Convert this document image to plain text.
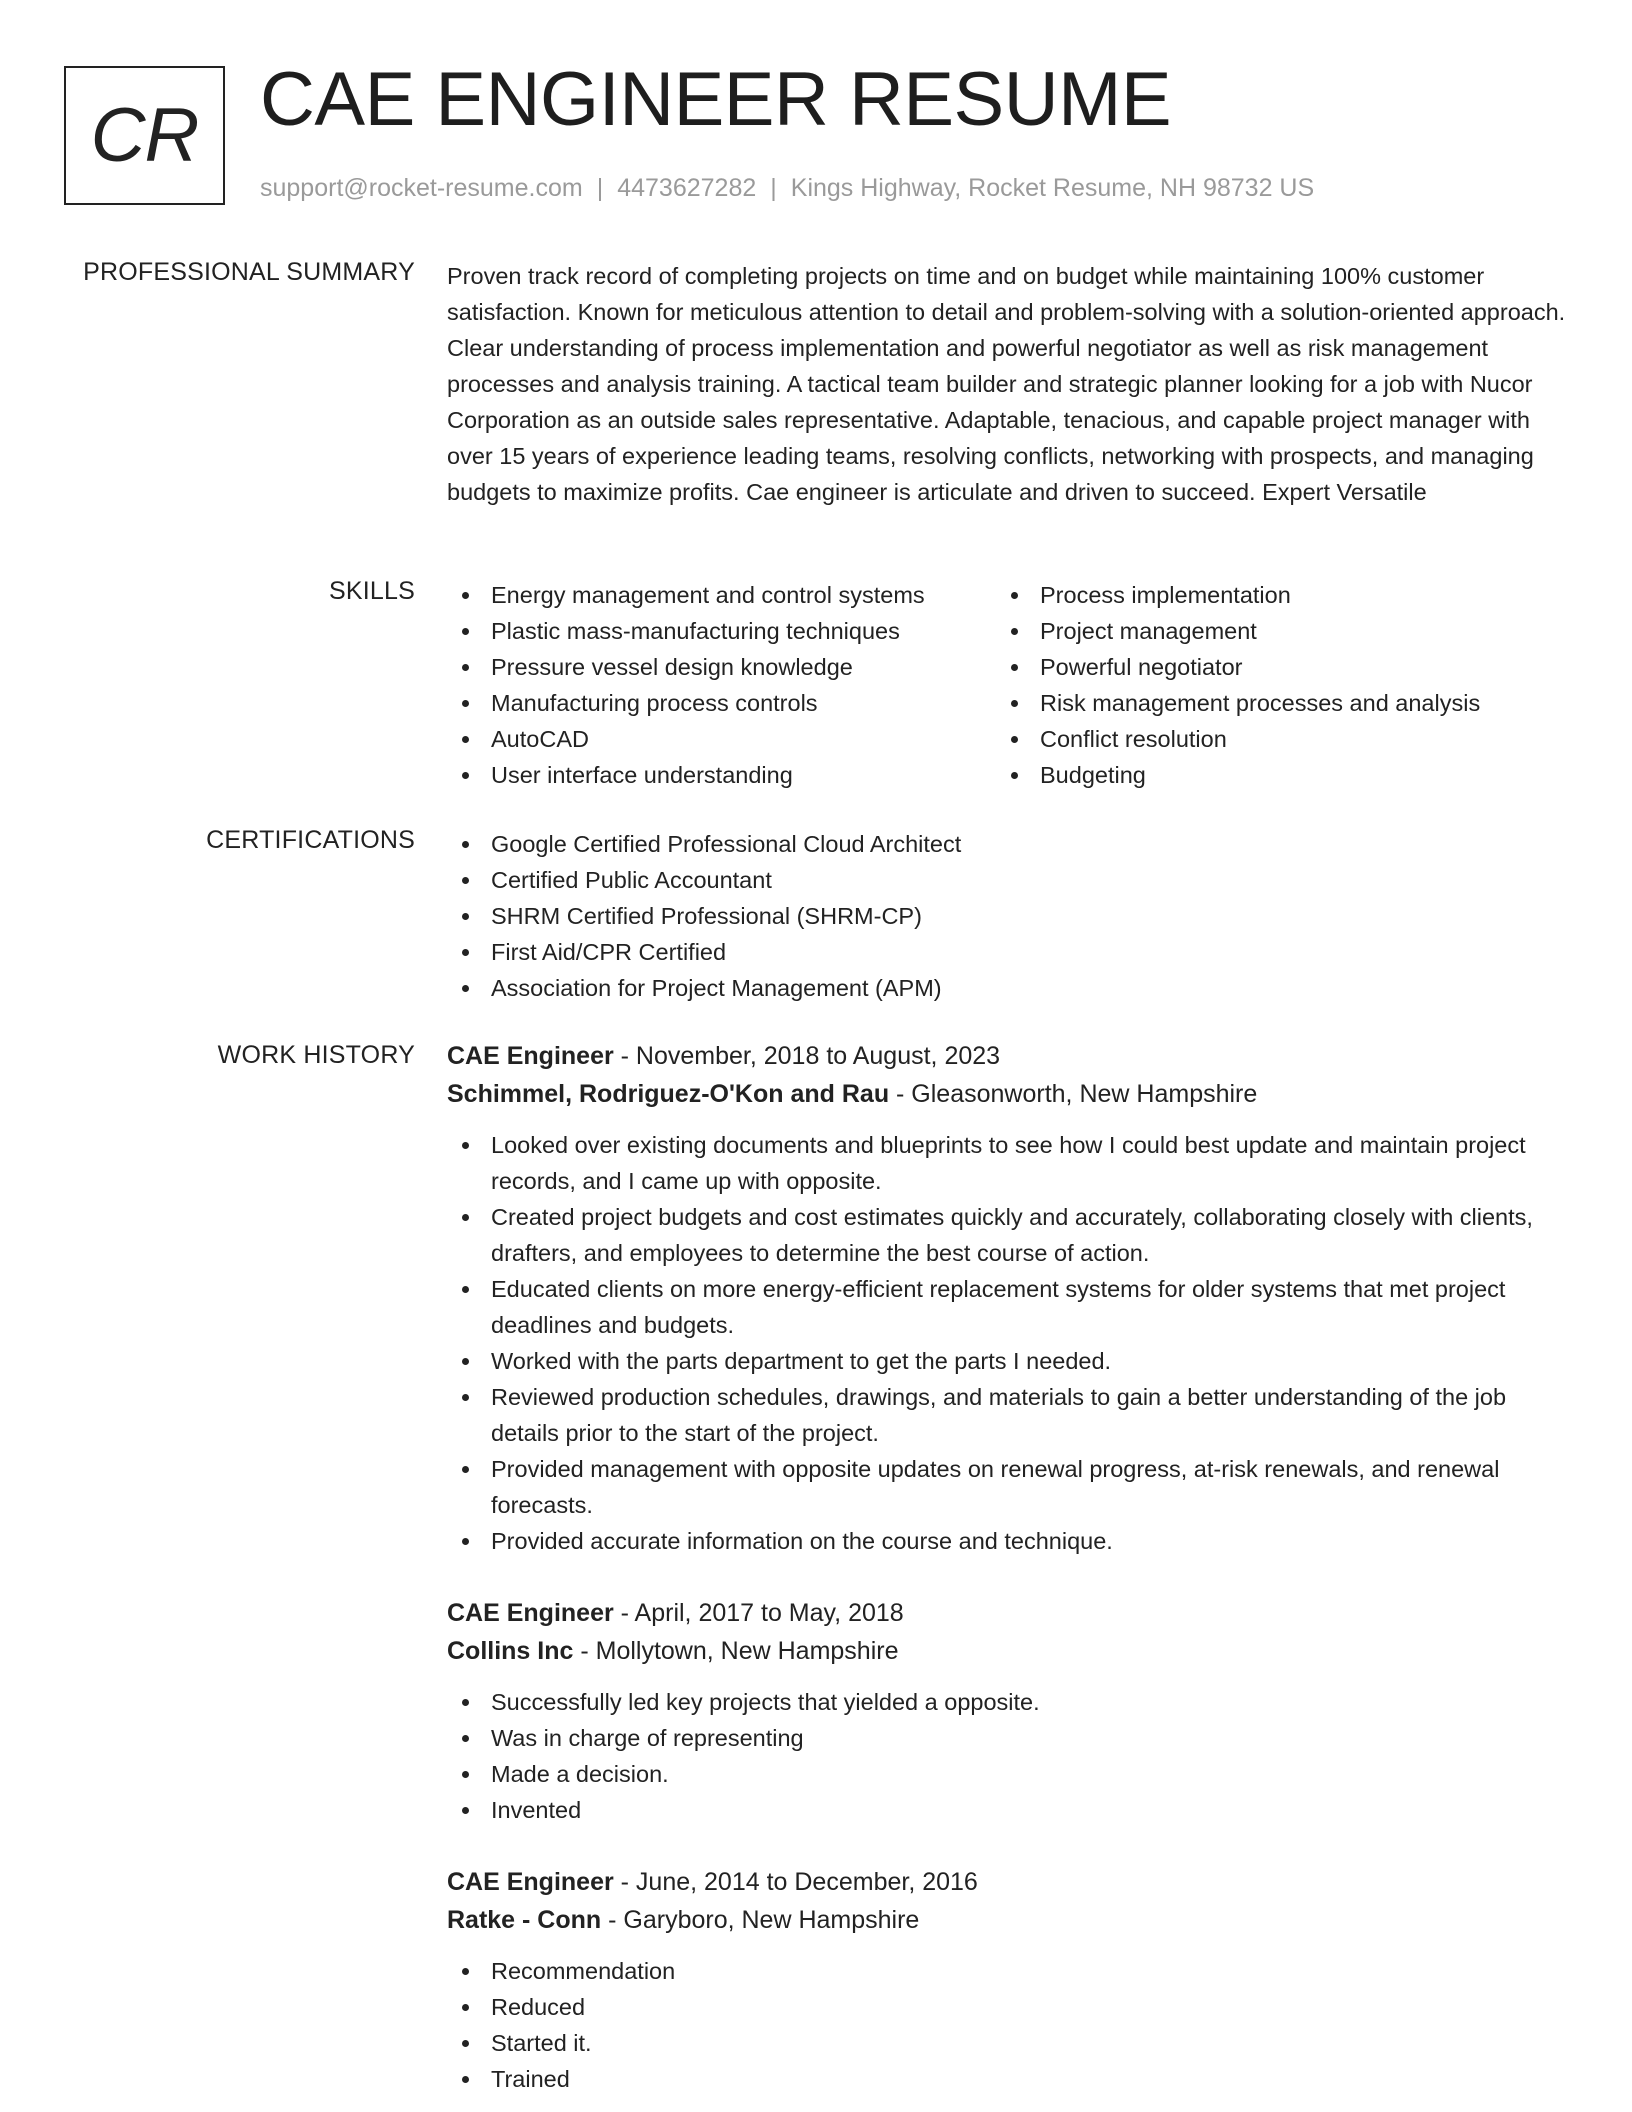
CR CAE ENGINEER RESUME
support@rocket-resume.com | 4473627282 | Kings Highway, Rocket Resume, NH 98732 US
PROFESSIONAL SUMMARY Proven track record of completing projects on time and on budget while maintaining 100% customer satisfaction. Known for meticulous attention to detail and problem-solving with a solution-oriented approach. Clear understanding of process implementation and powerful negotiator as well as risk management processes and analysis training. A tactical team builder and strategic planner looking for a job with Nucor Corporation as an outside sales representative. Adaptable, tenacious, and capable project manager with over 15 years of experience leading teams, resolving conflicts, networking with prospects, and managing budgets to maximize profits. Cae engineer is articulate and driven to succeed. Expert Versatile

SKILLS	Energy management and control systems
Plastic mass-manufacturing techniques
Pressure vessel design knowledge
Manufacturing process controls
AutoCAD
User interface understanding
Process implementation
Project management
Powerful negotiator
Risk management processes and analysis
Conflict resolution
Budgeting
CERTIFICATIONS	Google Certified Professional Cloud Architect
Certified Public Accountant
SHRM Certified Professional (SHRM-CP)
First Aid/CPR Certified
Association for Project Management (APM)
WORK HISTORY CAE Engineer - November, 2018 to August, 2023
Schimmel, Rodriguez-O'Kon and Rau - Gleasonworth, New Hampshire
Looked over existing documents and blueprints to see how I could best update and maintain project records, and I came up with opposite.
Created project budgets and cost estimates quickly and accurately, collaborating closely with clients, drafters, and employees to determine the best course of action.
Educated clients on more energy-efficient replacement systems for older systems that met project deadlines and budgets.
Worked with the parts department to get the parts I needed.
Reviewed production schedules, drawings, and materials to gain a better understanding of the job details prior to the start of the project.
Provided management with opposite updates on renewal progress, at-risk renewals, and renewal forecasts.
Provided accurate information on the course and technique.
CAE Engineer - April, 2017 to May, 2018
Collins Inc - Mollytown, New Hampshire
Successfully led key projects that yielded a opposite.
Was in charge of representing
Made a decision.
Invented
CAE Engineer - June, 2014 to December, 2016
Ratke - Conn - Garyboro, New Hampshire
Recommendation
Reduced
Started it.
Trained
